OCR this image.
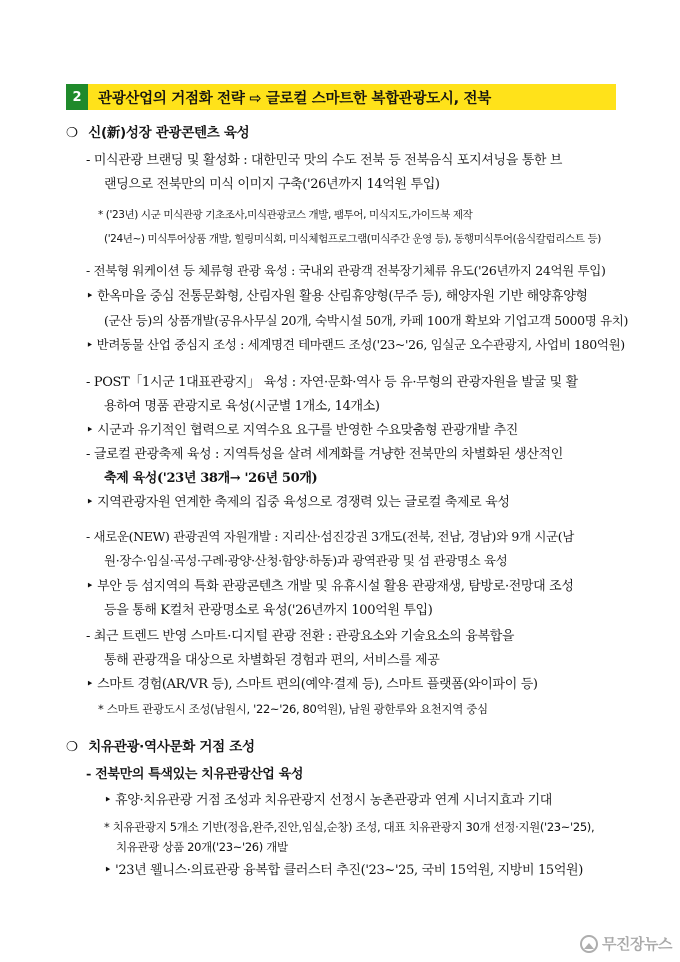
2	관광산업의 거점화 전략 ⇨ 글로컬 스마트한 복합관광도시, 전북
❍ 신(新)성장 관광콘텐츠 육성
- 미식관광 브랜딩 및 활성화 : 대한민국 맛의 수도 전북 등 전북음식 포지셔닝을 통한 브
랜딩으로 전북만의 미식 이미지 구축('26년까지 14억원 투입)
* ('23년) 시군 미식관광 기초조사,미식관광코스 개발, 팸투어, 미식지도,가이드북 제작
('24년~) 미식투어상품 개발, 힐링미식회, 미식체험프로그램(미식주간 운영 등), 동행미식투어(음식칼럼리스트 등)
- 전북형 워케이션 등 체류형 관광 육성 : 국내외 관광객 전북장기체류 유도('26년까지 24억원 투입)
‣ 한옥마을 중심 전통문화형, 산림자원 활용 산림휴양형(무주 등), 해양자원 기반 해양휴양형
(군산 등)의 상품개발(공유사무실 20개, 숙박시설 50개, 카페 100개 확보와 기업고객 5000명 유치)
‣ 반려동물 산업 중심지 조성 : 세계명견 테마랜드 조성('23~'26, 임실군 오수관광지, 사업비 180억원)
- POST「1시군 1대표관광지」 육성 : 자연·문화·역사 등 유·무형의 관광자원을 발굴 및 활
용하여 명품 관광지로 육성(시군별 1개소, 14개소)
‣ 시군과 유기적인 협력으로 지역수요 요구를 반영한 수요맞춤형 관광개발 추진
- 글로컬 관광축제 육성 : 지역특성을 살려 세계화를 겨냥한 전북만의 차별화된 생산적인
축제 육성('23년 38개→ '26년 50개)
‣ 지역관광자원 연계한 축제의 집중 육성으로 경쟁력 있는 글로컬 축제로 육성
- 새로운(NEW) 관광권역 자원개발 : 지리산·섬진강권 3개도(전북, 전남, 경남)와 9개 시군(남
원·장수·임실·곡성·구례·광양·산청·함양·하동)과 광역관광 및 섬 관광명소 육성
‣ 부안 등 섬지역의 특화 관광콘텐츠 개발 및 유휴시설 활용 관광재생, 탐방로·전망대 조성
등을 통해 K컬처 관광명소로 육성('26년까지 100억원 투입)
- 최근 트렌드 반영 스마트·디지털 관광 전환 : 관광요소와 기술요소의 융복합을
통해 관광객을 대상으로 차별화된 경험과 편의, 서비스를 제공
‣ 스마트 경험(AR/VR 등), 스마트 편의(예약·결제 등), 스마트 플랫폼(와이파이 등)
* 스마트 관광도시 조성(남원시, '22~'26, 80억원), 남원 광한루와 요천지역 중심
❍ 치유관광·역사문화 거점 조성
- 전북만의 특색있는 치유관광산업 육성
‣ 휴양·치유관광 거점 조성과 치유관광지 선정시 농촌관광과 연계 시너지효과 기대
* 치유관광지 5개소 기반(정읍,완주,진안,임실,순창) 조성, 대표 치유관광지 30개 선정·지원('23~'25),
치유관광 상품 20개('23~'26) 개발
‣ '23년 웰니스·의료관광 융복합 클러스터 추진('23~'25, 국비 15억원, 지방비 15억원)
무진장뉴스
